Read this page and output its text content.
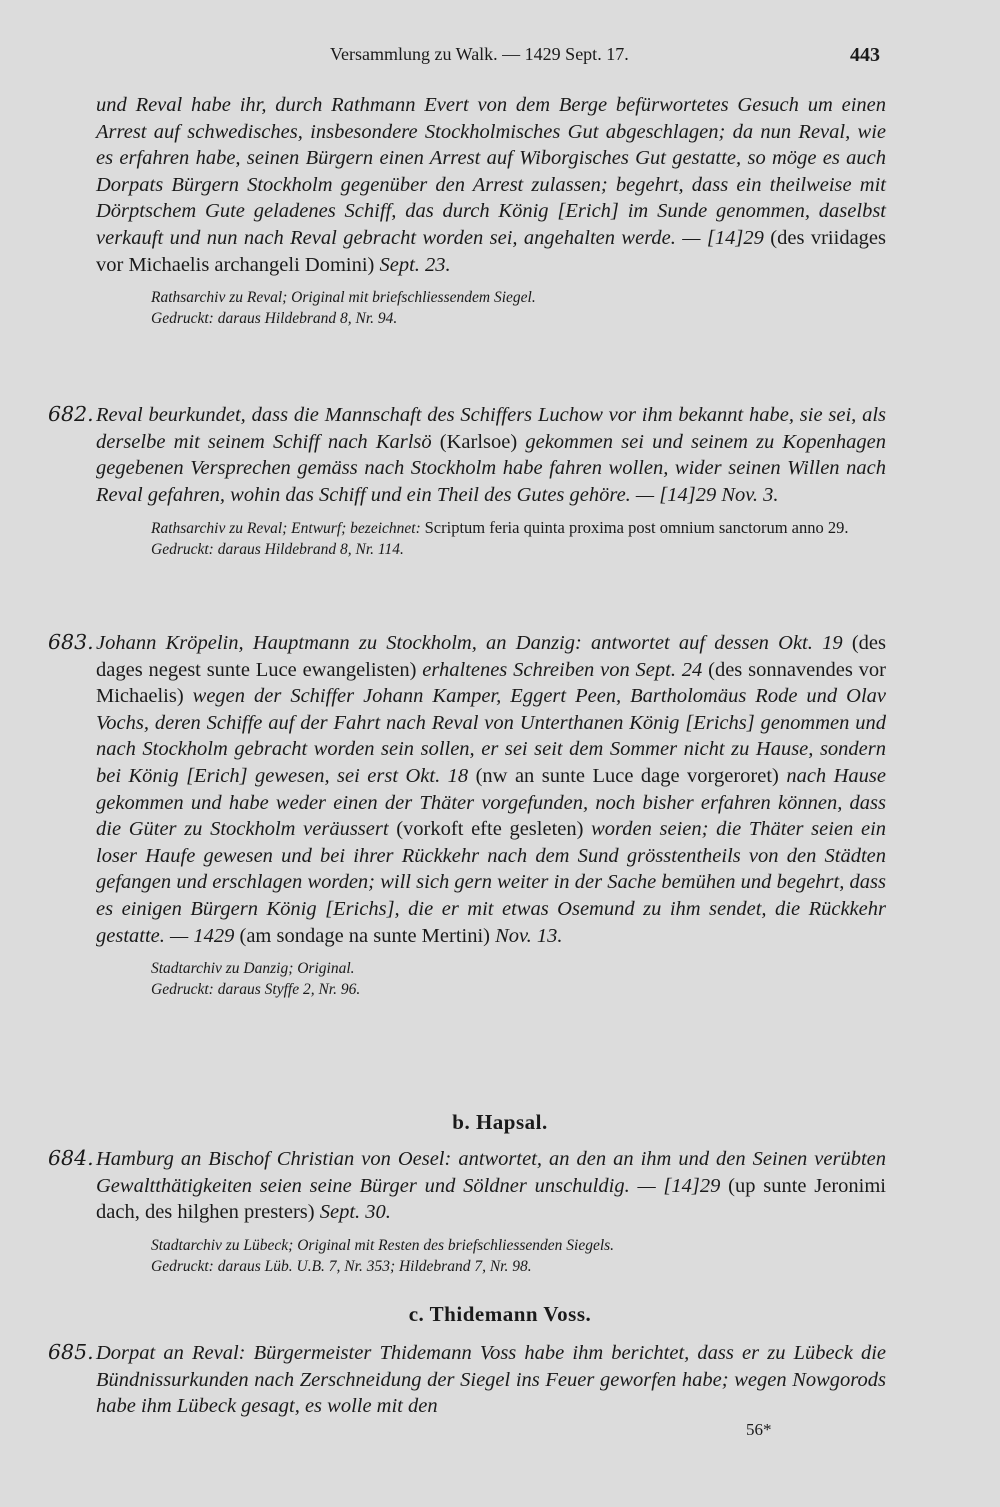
Versammlung zu Walk. — 1429 Sept. 17.	443
und Reval habe ihr, durch Rathmann Evert von dem Berge befürwortetes Gesuch um einen Arrest auf schwedisches, insbesondere Stockholmisches Gut abgeschlagen; da nun Reval, wie es erfahren habe, seinen Bürgern einen Arrest auf Wiborgisches Gut gestatte, so möge es auch Dorpats Bürgern Stockholm gegenüber den Arrest zulassen; begehrt, dass ein theilweise mit Dörptschem Gute geladenes Schiff, das durch König [Erich] im Sunde genommen, daselbst verkauft und nun nach Reval gebracht worden sei, angehalten werde. — [14]29 (des vriidages vor Michaelis archangeli Domini) Sept. 23.
Rathsarchiv zu Reval; Original mit briefschliessendem Siegel.
Gedruckt: daraus Hildebrand 8, Nr. 94.
682. Reval beurkundet, dass die Mannschaft des Schiffers Luchow vor ihm bekannt habe, sie sei, als derselbe mit seinem Schiff nach Karlsö (Karlsoe) gekommen sei und seinem zu Kopenhagen gegebenen Versprechen gemäss nach Stockholm habe fahren wollen, wider seinen Willen nach Reval gefahren, wohin das Schiff und ein Theil des Gutes gehöre. — [14]29 Nov. 3.
Rathsarchiv zu Reval; Entwurf; bezeichnet: Scriptum feria quinta proxima post omnium sanctorum anno 29.
Gedruckt: daraus Hildebrand 8, Nr. 114.
683. Johann Kröpelin, Hauptmann zu Stockholm, an Danzig: antwortet auf dessen Okt. 19 (des dages negest sunte Luce ewangelisten) erhaltenes Schreiben von Sept. 24 (des sonnavendes vor Michaelis) wegen der Schiffer Johann Kamper, Eggert Peen, Bartholomäus Rode und Olav Vochs, deren Schiffe auf der Fahrt nach Reval von Unterthanen König [Erichs] genommen und nach Stockholm gebracht worden sein sollen, er sei seit dem Sommer nicht zu Hause, sondern bei König [Erich] gewesen, sei erst Okt. 18 (nw an sunte Luce dage vorgeroret) nach Hause gekommen und habe weder einen der Thäter vorgefunden, noch bisher erfahren können, dass die Güter zu Stockholm veräussert (vorkoft efte gesleten) worden seien; die Thäter seien ein loser Haufe gewesen und bei ihrer Rückkehr nach dem Sund grösstentheils von den Städten gefangen und erschlagen worden; will sich gern weiter in der Sache bemühen und begehrt, dass es einigen Bürgern König [Erichs], die er mit etwas Osemund zu ihm sendet, die Rückkehr gestatte. — 1429 (am sondage na sunte Mertini) Nov. 13.
Stadtarchiv zu Danzig; Original.
Gedruckt: daraus Styffe 2, Nr. 96.
b. Hapsal.
684. Hamburg an Bischof Christian von Oesel: antwortet, an den an ihm und den Seinen verübten Gewaltthätigkeiten seien seine Bürger und Söldner unschuldig. — [14]29 (up sunte Jeronimi dach, des hilghen presters) Sept. 30.
Stadtarchiv zu Lübeck; Original mit Resten des briefschliessenden Siegels.
Gedruckt: daraus Lüb. U.B. 7, Nr. 353; Hildebrand 7, Nr. 98.
c. Thidemann Voss.
685. Dorpat an Reval: Bürgermeister Thidemann Voss habe ihm berichtet, dass er zu Lübeck die Bündnissurkunden nach Zerschneidung der Siegel ins Feuer geworfen habe; wegen Nowgorods habe ihm Lübeck gesagt, es wolle mit den
56*
